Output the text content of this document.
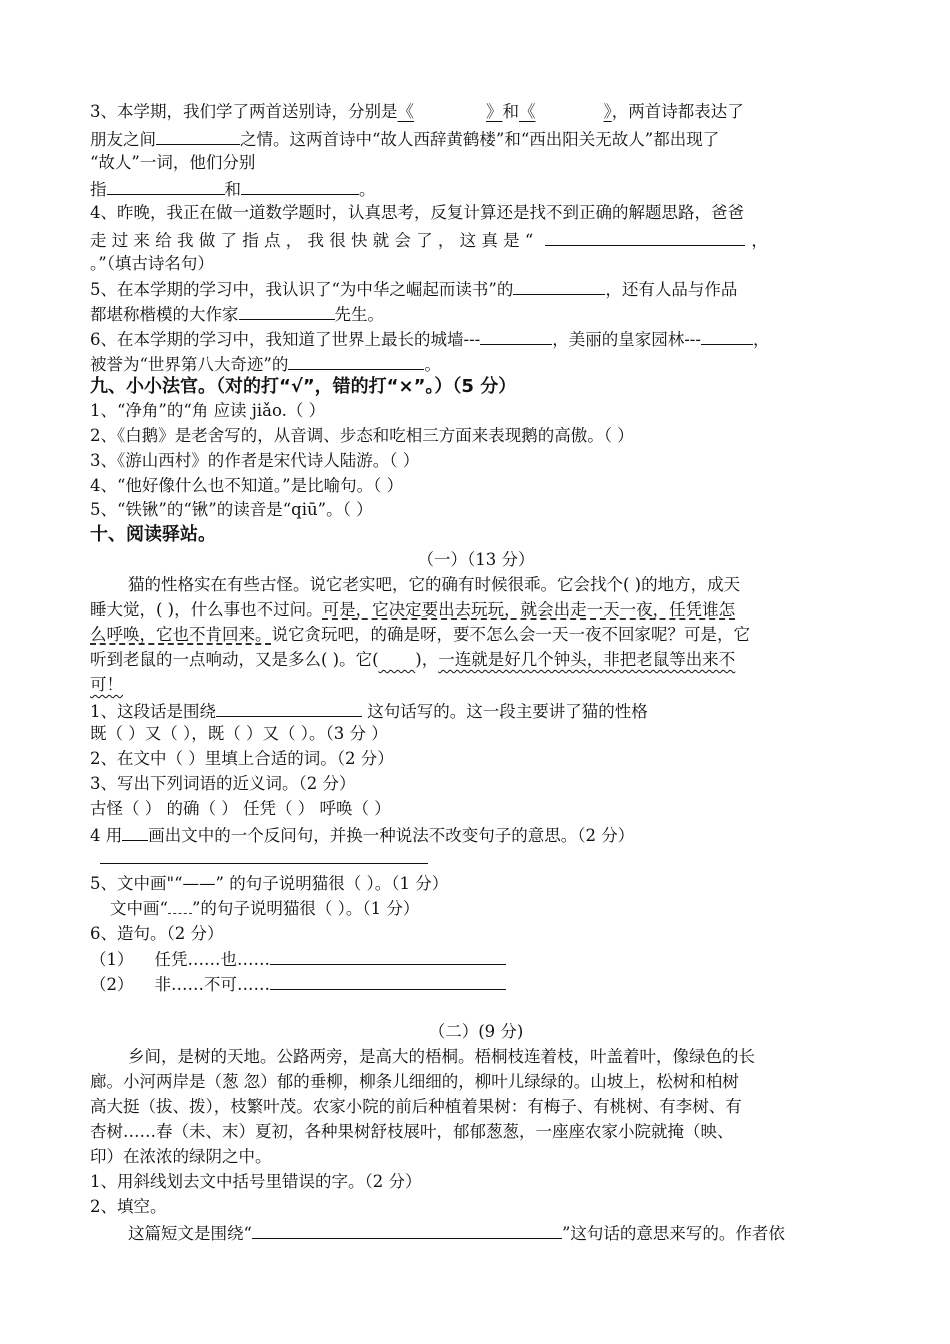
3、本学期，我们学了两首送别诗，分别是《	》和《	》，两首诗都表达了
朋友之间	之情。这两首诗中“故人西辞黄鹤楼”和“西出阳关无故人”都出现了
“故人”一词，他们分别
指	和	。
4、昨晚，我正在做一道数学题时，认真思考，反复计算还是找不到正确的解题思路，爸爸
走 过 来 给 我 做 了 指 点 ， 我 很 快 就 会 了 ， 这 真 是 “	，
。”（填古诗名句）
5、在本学期的学习中，我认识了“为中华之崛起而读书”的	，还有人品与作品
都堪称楷模的大作家	先生。
6、在本学期的学习中，我知道了世界上最长的城墙---	，美丽的皇家园林---	，
被誉为“世界第八大奇迹”的	。
九、小小法官。（对的打“√”，错的打“×”。）（5 分）
1、“净角”的“角 应读 jiǎo.（ ）
2、《白鹅》是老舍写的，从音调、步态和吃相三方面来表现鹅的高傲。（ ）
3、《游山西村》的作者是宋代诗人陆游。（ ）
4、“他好像什么也不知道。”是比喻句。（ ）
5、“铁锹”的“锹”的读音是“qiū”。（ ）
十、阅读驿站。
（一）（13 分）
猫的性格实在有些古怪。说它老实吧，它的确有时候很乖。它会找个( )的地方，成天
睡大觉，( )，什么事也不过问。可是，它决定要出去玩玩，就会出走一天一夜，任凭谁怎
么呼唤，它也不肯回来。说它贪玩吧，的确是呀，要不怎么会一天一夜不回家呢？可是，它
听到老鼠的一点响动，又是多么( )。它( )，一连就是好几个钟头，非把老鼠等出来不
可！
1、这段话是围绕	这句话写的。这一段主要讲了猫的性格
既（ ）又（ ），既（ ）又（ ）。（3 分 ）
2、在文中（ ）里填上合适的词。（2 分）
3、写出下列词语的近义词。（2 分）
古怪（ ） 的确（ ） 任凭（ ） 呼唤（ ）
4 用 画出文中的一个反问句，并换一种说法不改变句子的意思。（2 分）
5、文中画"“——” 的句子说明猫很（ ）。（1 分）
文中画“ ”的句子说明猫很（ ）。（1 分）
6、造句。（2 分）
（1）    任凭……也……
（2）    非……不可……
（二）(9 分)
乡间，是树的天地。公路两旁，是高大的梧桐。梧桐枝连着枝，叶盖着叶，像绿色的长
廊。小河两岸是（葱 忽）郁的垂柳，柳条儿细细的，柳叶儿绿绿的。山坡上，松树和柏树
高大挺（拔、拨），枝繁叶茂。农家小院的前后种植着果树：有梅子、有桃树、有李树、有
杏树……春（未、末）夏初，各种果树舒枝展叶，郁郁葱葱，一座座农家小院就掩（映、
印）在浓浓的绿阴之中。
1、用斜线划去文中括号里错误的字。（2 分）
2、填空。
这篇短文是围绕“	”这句话的意思来写的。作者依
